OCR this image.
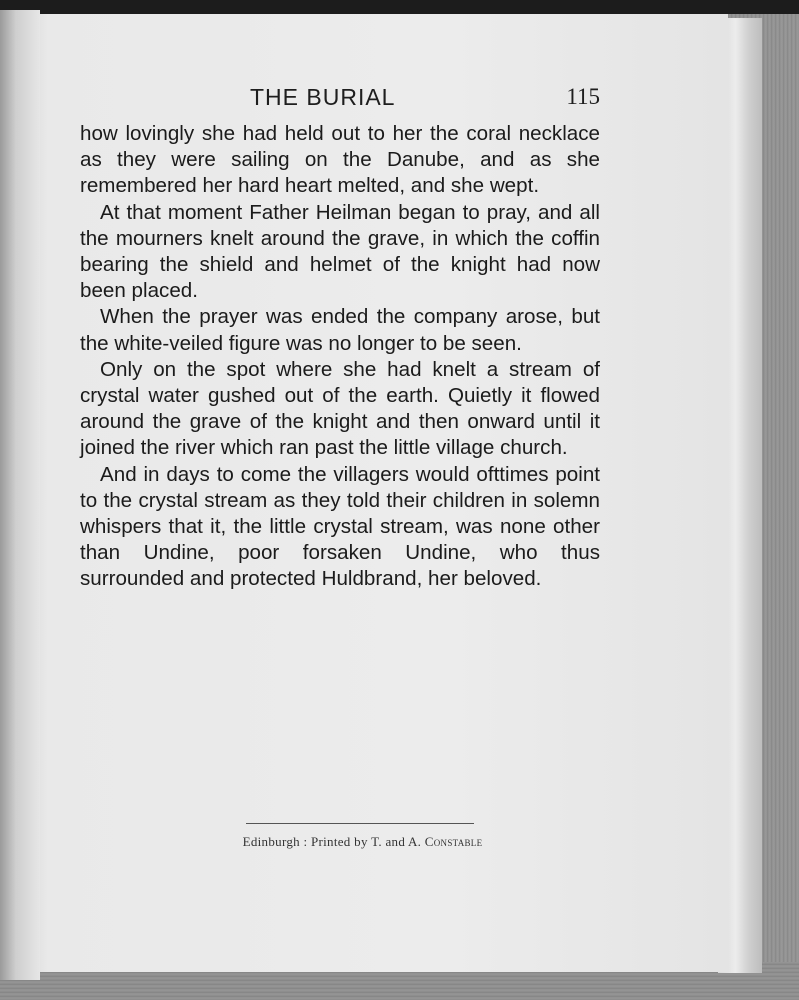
THE BURIAL	115

how lovingly she had held out to her the coral necklace as they were sailing on the Danube, and as she remembered her hard heart melted, and she wept.

At that moment Father Heilman began to pray, and all the mourners knelt around the grave, in which the coffin bearing the shield and helmet of the knight had now been placed.

When the prayer was ended the company arose, but the white-veiled figure was no longer to be seen.

Only on the spot where she had knelt a stream of crystal water gushed out of the earth. Quietly it flowed around the grave of the knight and then onward until it joined the river which ran past the little village church.

And in days to come the villagers would ofttimes point to the crystal stream as they told their children in solemn whispers that it, the little crystal stream, was none other than Undine, poor forsaken Undine, who thus surrounded and protected Huldbrand, her beloved.

Edinburgh : Printed by T. and A. Constable
